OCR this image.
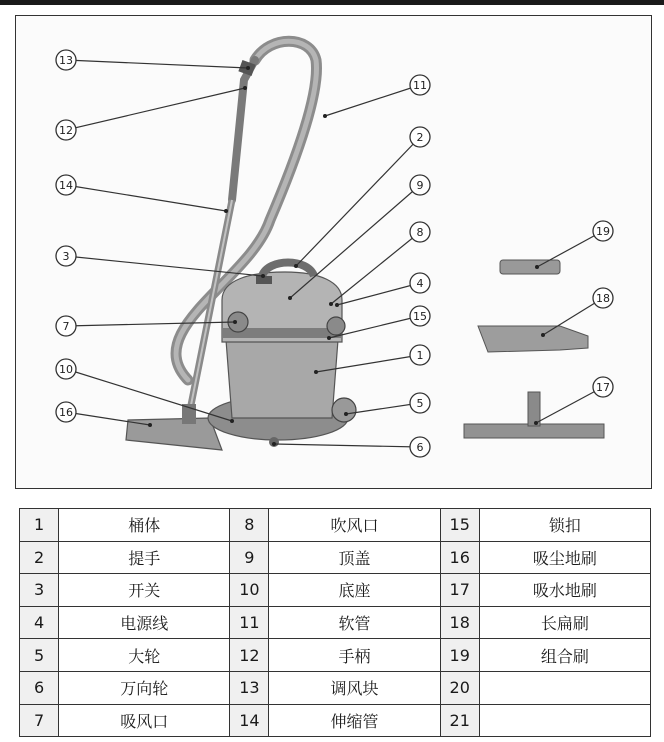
1
2
3
4
5
6
7
8
9
10
11
12
13
14
15
16
17
18
19
1	桶体	8	吹风口	15	锁扣
2	提手	9	顶盖	16	吸尘地刷
3	开关	10	底座	17	吸水地刷
4	电源线	11	软管	18	长扁刷
5	大轮	12	手柄	19	组合刷
6	万向轮	13	调风块	20	
7	吸风口	14	伸缩管	21	
